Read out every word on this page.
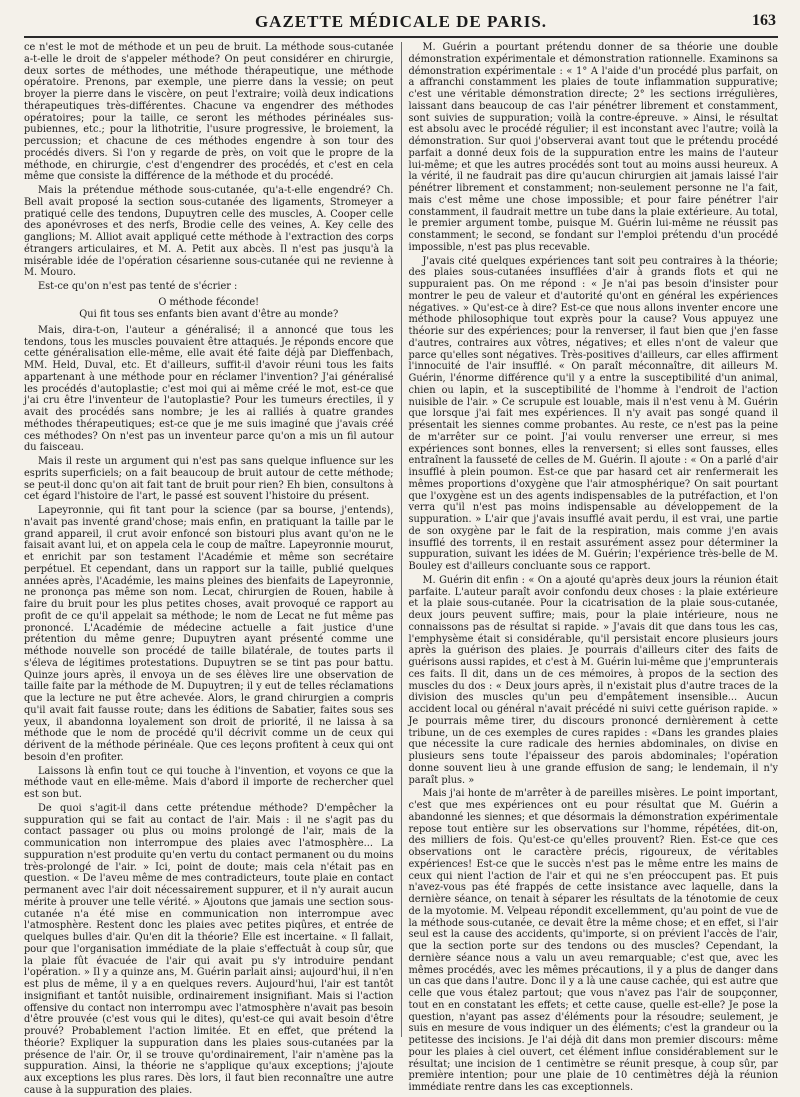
GAZETTE MÉDICALE DE PARIS.	163

ce n'est le mot de méthode et un peu de bruit. La méthode sous-cutanée a-t-elle le droit de s'appeler méthode? On peut considérer en chirurgie, deux sortes de méthodes, une méthode thérapeutique, une méthode opératoire. Prenons, par exemple, une pierre dans la vessie; on peut broyer la pierre dans le viscère, on peut l'extraire; voilà deux indications thérapeutiques très-différentes. Chacune va engendrer des méthodes opératoires; pour la taille, ce seront les méthodes périnéales sus-pubiennes, etc.; pour la lithotritie, l'usure progressive, le broiement, la percussion; et chacune de ces méthodes engendre à son tour des procédés divers. Si l'on y regarde de près, on voit que le propre de la méthode, en chirurgie, c'est d'engendrer des procédés, et c'est en cela même que consiste la différence de la méthode et du procédé.

Mais la prétendue méthode sous-cutanée, qu'a-t-elle engendré? Ch. Bell avait proposé la section sous-cutanée des ligaments, Stromeyer a pratiqué celle des tendons, Dupuytren celle des muscles, A. Cooper celle des aponévroses et des nerfs, Brodie celle des veines, A. Key celle des ganglions; M. Alliot avait appliqué cette méthode à l'extraction des corps étrangers articulaires, et M. A. Petit aux abcès. Il n'est pas jusqu'à la misérable idée de l'opération césarienne sous-cutanée qui ne revienne à M. Mouro.

Est-ce qu'on n'est pas tenté de s'écrier :

O méthode féconde!
Qui fit tous ses enfants bien avant d'être au monde?

Mais, dira-t-on, l'auteur a généralisé; il a annoncé que tous les tendons, tous les muscles pouvaient être attaqués. Je réponds encore que cette généralisation elle-même, elle avait été faite déjà par Dieffenbach, MM. Held, Duval, etc. Et d'ailleurs, suffit-il d'avoir réuni tous les faits appartenant à une méthode pour en réclamer l'invention? J'ai généralisé les procédés d'autoplastie; c'est moi qui ai même créé le mot, est-ce que j'ai cru être l'inventeur de l'autoplastie? Pour les tumeurs érectiles, il y avait des procédés sans nombre; je les ai ralliés à quatre grandes méthodes thérapeutiques; est-ce que je me suis imaginé que j'avais créé ces méthodes? On n'est pas un inventeur parce qu'on a mis un fil autour du faisceau.

Mais il reste un argument qui n'est pas sans quelque influence sur les esprits superficiels; on a fait beaucoup de bruit autour de cette méthode; se peut-il donc qu'on ait fait tant de bruit pour rien? Eh bien, consultons à cet égard l'histoire de l'art, le passé est souvent l'histoire du présent.

Lapeyronnie, qui fit tant pour la science (par sa bourse, j'entends), n'avait pas inventé grand'chose; mais enfin, en pratiquant la taille par le grand appareil, il crut avoir enfoncé son bistouri plus avant qu'on ne le faisait avant lui, et on appela cela le coup de maître. Lapeyronnie mourut, et enrichit par son testament l'Académie et même son secrétaire perpétuel. Et cependant, dans un rapport sur la taille, publié quelques années après, l'Académie, les mains pleines des bienfaits de Lapeyronnie, ne prononça pas même son nom. Lecat, chirurgien de Rouen, habile à faire du bruit pour les plus petites choses, avait provoqué ce rapport au profit de ce qu'il appelait sa méthode; le nom de Lecat ne fut même pas prononcé. L'Académie de médecine actuelle a fait justice d'une prétention du même genre; Dupuytren ayant présenté comme une méthode nouvelle son procédé de taille bilatérale, de toutes parts il s'éleva de légitimes protestations. Dupuytren se se tint pas pour battu. Quinze jours après, il envoya un de ses élèves lire une observation de taille faite par la méthode de M. Dupuytren; il y eut de telles réclamations que la lecture ne put être achevée. Alors, le grand chirurgien a compris qu'il avait fait fausse route; dans les éditions de Sabatier, faites sous ses yeux, il abandonna loyalement son droit de priorité, il ne laissa à sa méthode que le nom de procédé qu'il décrivit comme un de ceux qui dérivent de la méthode périnéale. Que ces leçons profitent à ceux qui ont besoin d'en profiter.

Laissons là enfin tout ce qui touche à l'invention, et voyons ce que la méthode vaut en elle-même. Mais d'abord il importe de rechercher quel est son but.

De quoi s'agit-il dans cette prétendue méthode? D'empêcher la suppuration qui se fait au contact de l'air. Mais : il ne s'agit pas du contact passager ou plus ou moins prolongé de l'air, mais de la communication non interrompue des plaies avec l'atmosphère... La suppuration n'est produite qu'en vertu du contact permanent ou du moins très-prolongé de l'air. » Ici, point de doute; mais cela n'était pas en question. « De l'aveu même de mes contradicteurs, toute plaie en contact permanent avec l'air doit nécessairement suppurer, et il n'y aurait aucun mérite à prouver une telle vérité. » Ajoutons que jamais une section sous-cutanée n'a été mise en communication non interrompue avec l'atmosphère. Restent donc les plaies avec petites piqûres, et entrée de quelques bulles d'air. Qu'en dit la théorie? Elle est incertaine. « Il fallait, pour que l'organisation immédiate de la plaie s'effectuât à coup sûr, que la plaie fût évacuée de l'air qui avait pu s'y introduire pendant l'opération. » Il y a quinze ans, M. Guérin parlait ainsi; aujourd'hui, il n'en est plus de même, il y a en quelques revers. Aujourd'hui, l'air est tantôt insignifiant et tantôt nuisible, ordinairement insignifiant. Mais si l'action offensive du contact non interrompu avec l'atmosphère n'avait pas besoin d'être prouvée (c'est vous qui le dites), qu'est-ce qui avait besoin d'être prouvé? Probablement l'action limitée. Et en effet, que prétend la théorie? Expliquer la suppuration dans les plaies sous-cutanées par la présence de l'air. Or, il se trouve qu'ordinairement, l'air n'amène pas la suppuration. Ainsi, la théorie ne s'applique qu'aux exceptions; j'ajoute aux exceptions les plus rares. Dès lors, il faut bien reconnaître une autre cause à la suppuration des plaies.

M. Guérin a pourtant prétendu donner de sa théorie une double démonstration expérimentale et démonstration rationnelle. Examinons sa démonstration expérimentale : « 1° A l'aide d'un procédé plus parfait, on a affranchi constamment les plaies de toute inflammation suppurative; c'est une véritable démonstration directe; 2° les sections irrégulières, laissant dans beaucoup de cas l'air pénétrer librement et constamment, sont suivies de suppuration; voilà la contre-épreuve. » Ainsi, le résultat est absolu avec le procédé régulier; il est inconstant avec l'autre; voilà la démonstration. Sur quoi j'observerai avant tout que le prétendu procédé parfait a donné deux fois de la suppuration entre les mains de l'auteur lui-même; et que les autres procédés sont tout au moins aussi heureux. A la vérité, il ne faudrait pas dire qu'aucun chirurgien ait jamais laissé l'air pénétrer librement et constamment; non-seulement personne ne l'a fait, mais c'est même une chose impossible; et pour faire pénétrer l'air constamment, il faudrait mettre un tube dans la plaie extérieure. Au total, le premier argument tombe, puisque M. Guérin lui-même ne réussit pas constamment; le second, se fondant sur l'emploi prétendu d'un procédé impossible, n'est pas plus recevable.

J'avais cité quelques expériences tant soit peu contraires à la théorie; des plaies sous-cutanées insufflées d'air à grands flots et qui ne suppuraient pas. On me répond : « Je n'ai pas besoin d'insister pour montrer le peu de valeur et d'autorité qu'ont en général les expériences négatives. » Qu'est-ce à dire? Est-ce que nous allons inventer encore une méthode philosophique tout exprès pour la cause? Vous appuyez une théorie sur des expériences; pour la renverser, il faut bien que j'en fasse d'autres, contraires aux vôtres, négatives; et elles n'ont de valeur que parce qu'elles sont négatives. Très-positives d'ailleurs, car elles affirment l'innocuité de l'air insufflé. « On paraît méconnaître, dit ailleurs M. Guérin, l'énorme différence qu'il y a entre la susceptibilité d'un animal, chien ou lapin, et la susceptibilité de l'homme à l'endroit de l'action nuisible de l'air. » Ce scrupule est louable, mais il n'est venu à M. Guérin que lorsque j'ai fait mes expériences. Il n'y avait pas songé quand il présentait les siennes comme probantes. Au reste, ce n'est pas la peine de m'arrêter sur ce point. J'ai voulu renverser une erreur, si mes expériences sont bonnes, elles la renversent; si elles sont fausses, elles entraînent la fausseté de celles de M. Guérin. Il ajoute : « On a parlé d'air insufflé à plein poumon. Est-ce que par hasard cet air renfermerait les mêmes proportions d'oxygène que l'air atmosphérique? On sait pourtant que l'oxygène est un des agents indispensables de la putréfaction, et l'on verra qu'il n'est pas moins indispensable au développement de la suppuration. » L'air que j'avais insufflé avait perdu, il est vrai, une partie de son oxygène par le fait de la respiration, mais comme j'en avais insufflé des torrents, il en restait assurément assez pour déterminer la suppuration, suivant les idées de M. Guérin; l'expérience très-belle de M. Bouley est d'ailleurs concluante sous ce rapport.

M. Guérin dit enfin : « On a ajouté qu'après deux jours la réunion était parfaite. L'auteur paraît avoir confondu deux choses : la plaie extérieure et la plaie sous-cutanée. Pour la cicatrisation de la plaie sous-cutanée, deux jours peuvent suffire; mais, pour la plaie intérieure, nous ne connaissons pas de résultat si rapide. » J'avais dit que dans tous les cas, l'emphysème était si considérable, qu'il persistait encore plusieurs jours après la guérison des plaies. Je pourrais d'ailleurs citer des faits de guérisons aussi rapides, et c'est à M. Guérin lui-même que j'emprunterais ces faits. Il dit, dans un de ces mémoires, à propos de la section des muscles du dos : « Deux jours après, il n'existait plus d'autre traces de la division des muscles qu'un peu d'empâtement insensible... Aucun accident local ou général n'avait précédé ni suivi cette guérison rapide. » Je pourrais même tirer, du discours prononcé dernièrement à cette tribune, un de ces exemples de cures rapides : «Dans les grandes plaies que nécessite la cure radicale des hernies abdominales, on divise en plusieurs sens toute l'épaisseur des parois abdominales; l'opération donne souvent lieu à une grande effusion de sang; le lendemain, il n'y paraît plus. »

Mais j'ai honte de m'arrêter à de pareilles misères. Le point important, c'est que mes expériences ont eu pour résultat que M. Guérin a abandonné les siennes; et que désormais la démonstration expérimentale repose tout entière sur les observations sur l'homme, répétées, dit-on, des milliers de fois. Qu'est-ce qu'elles prouvent? Rien. Est-ce que ces observations ont le caractère précis, rigoureux, de véritables expériences! Est-ce que le succès n'est pas le même entre les mains de ceux qui nient l'action de l'air et qui ne s'en préoccupent pas. Et puis n'avez-vous pas été frappés de cette insistance avec laquelle, dans la dernière séance, on tenait à séparer les résultats de la ténotomie de ceux de la myotomie. M. Velpeau répondit excellemment, qu'au point de vue de la méthode sous-cutanée, ce devait être la même chose; et en effet, si l'air seul est la cause des accidents, qu'importe, si on prévient l'accès de l'air, que la section porte sur des tendons ou des muscles? Cependant, la dernière séance nous a valu un aveu remarquable; c'est que, avec les mêmes procédés, avec les mêmes précautions, il y a plus de danger dans un cas que dans l'autre. Donc il y a là une cause cachée, qui est autre que celle que vous étalez partout; que vous n'avez pas l'air de soupçonner, tout en en constatant les effets; et cette cause, quelle est-elle? Je pose la question, n'ayant pas assez d'éléments pour la résoudre; seulement, je suis en mesure de vous indiquer un des éléments; c'est la grandeur ou la petitesse des incisions. Je l'ai déjà dit dans mon premier discours: même pour les plaies à ciel ouvert, cet élément influe considérablement sur le résultat; une incision de 1 centimètre se réunit presque, à coup sûr, par première intention; pour une plaie de 10 centimètres déjà la réunion immédiate rentre dans les cas exceptionnels.
